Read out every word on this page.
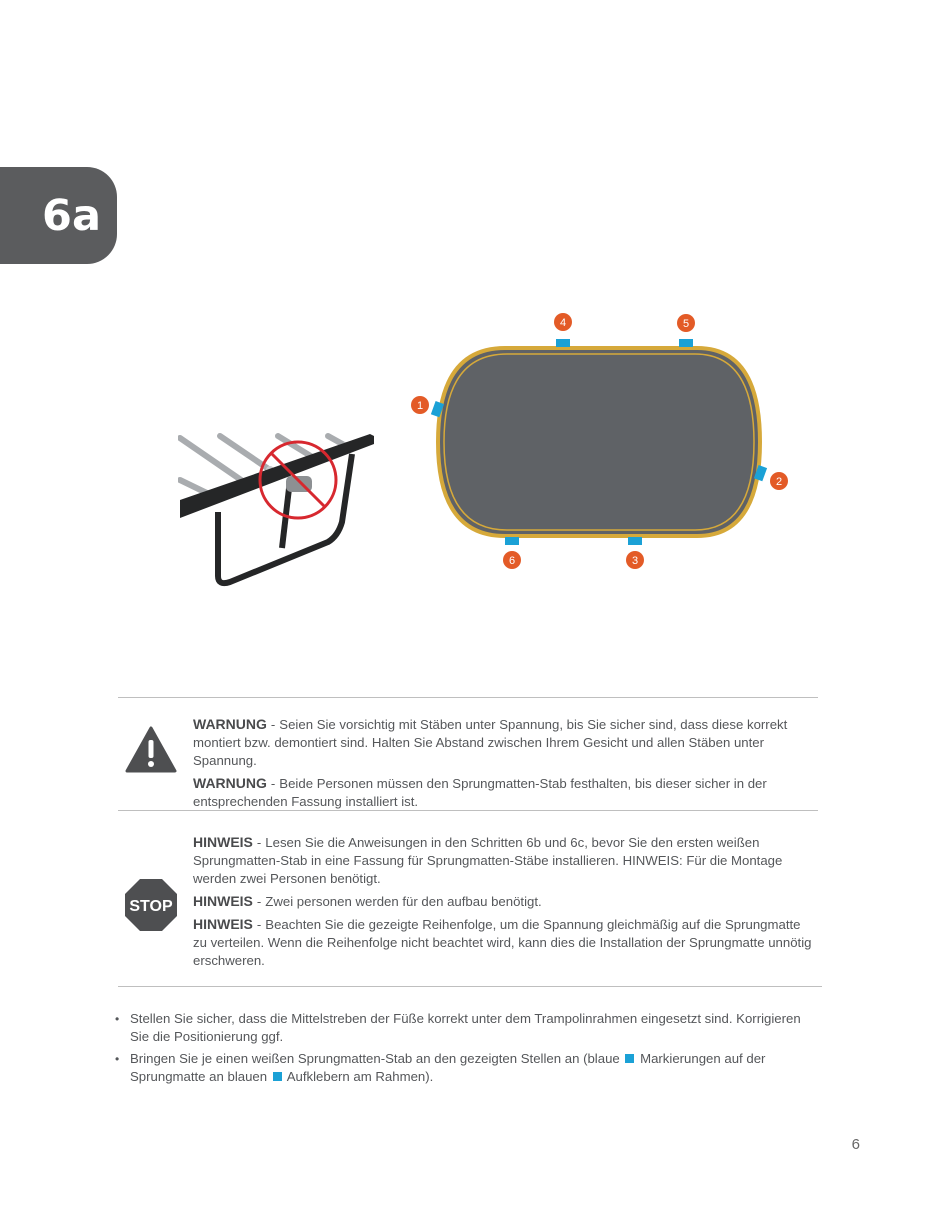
6a
1
2
3
4	5
6

WARNUNG - Seien Sie vorsichtig mit Stäben unter Spannung, bis Sie sicher sind, dass diese korrekt montiert bzw. demontiert sind. Halten Sie Abstand zwischen Ihrem Gesicht und allen Stäben unter Spannung.

WARNUNG - Beide Personen müssen den Sprungmatten-Stab festhalten, bis dieser sicher in der entsprechenden Fassung installiert ist.

STOP

HINWEIS - Lesen Sie die Anweisungen in den Schritten 6b und 6c, bevor Sie den ersten weißen Sprungmatten-Stab in eine Fassung für Sprungmatten-Stäbe installieren. HINWEIS: Für die Montage werden zwei Personen benötigt.

HINWEIS - Zwei personen werden für den aufbau benötigt.

HINWEIS - Beachten Sie die gezeigte Reihenfolge, um die Spannung gleichmäßig auf die Sprungmatte zu verteilen. Wenn die Reihenfolge nicht beachtet wird, kann dies die Installation der Sprungmatte unnötig erschweren.

• Stellen Sie sicher, dass die Mittelstreben der Füße korrekt unter dem Trampolinrahmen eingesetzt sind. Korrigieren Sie die Positionierung ggf.
• Bringen Sie je einen weißen Sprungmatten-Stab an den gezeigten Stellen an (blaue Markierungen auf der Sprungmatte an blauen Aufklebern am Rahmen).
6
